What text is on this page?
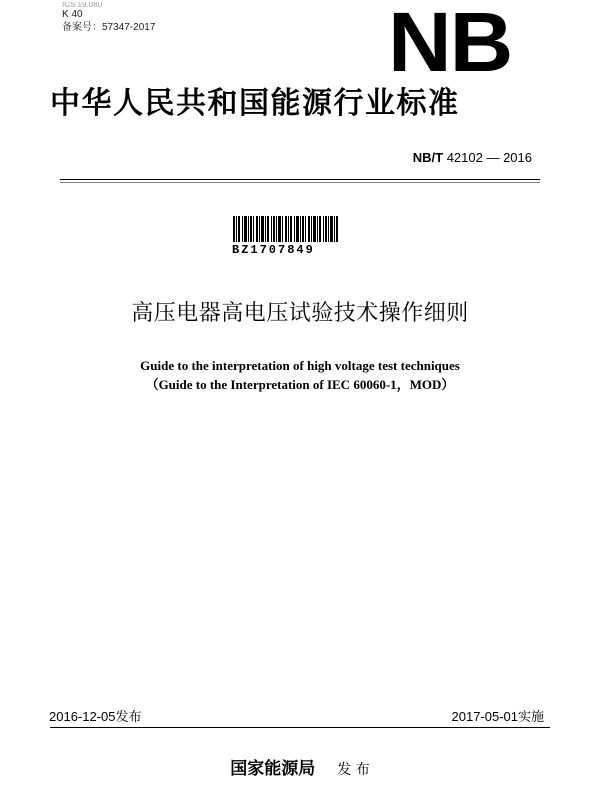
ICS 19.080
K 40
备案号：57347-2017	NB
中华人民共和国能源行业标准
NB/T 42102 — 2016
BZ1707849
高压电器高电压试验技术操作细则
Guide to the interpretation of high voltage test techniques
（Guide to the Interpretation of IEC 60060-1，MOD）
2016-12-05发布	2017-05-01实施
国家能源局 发 布
